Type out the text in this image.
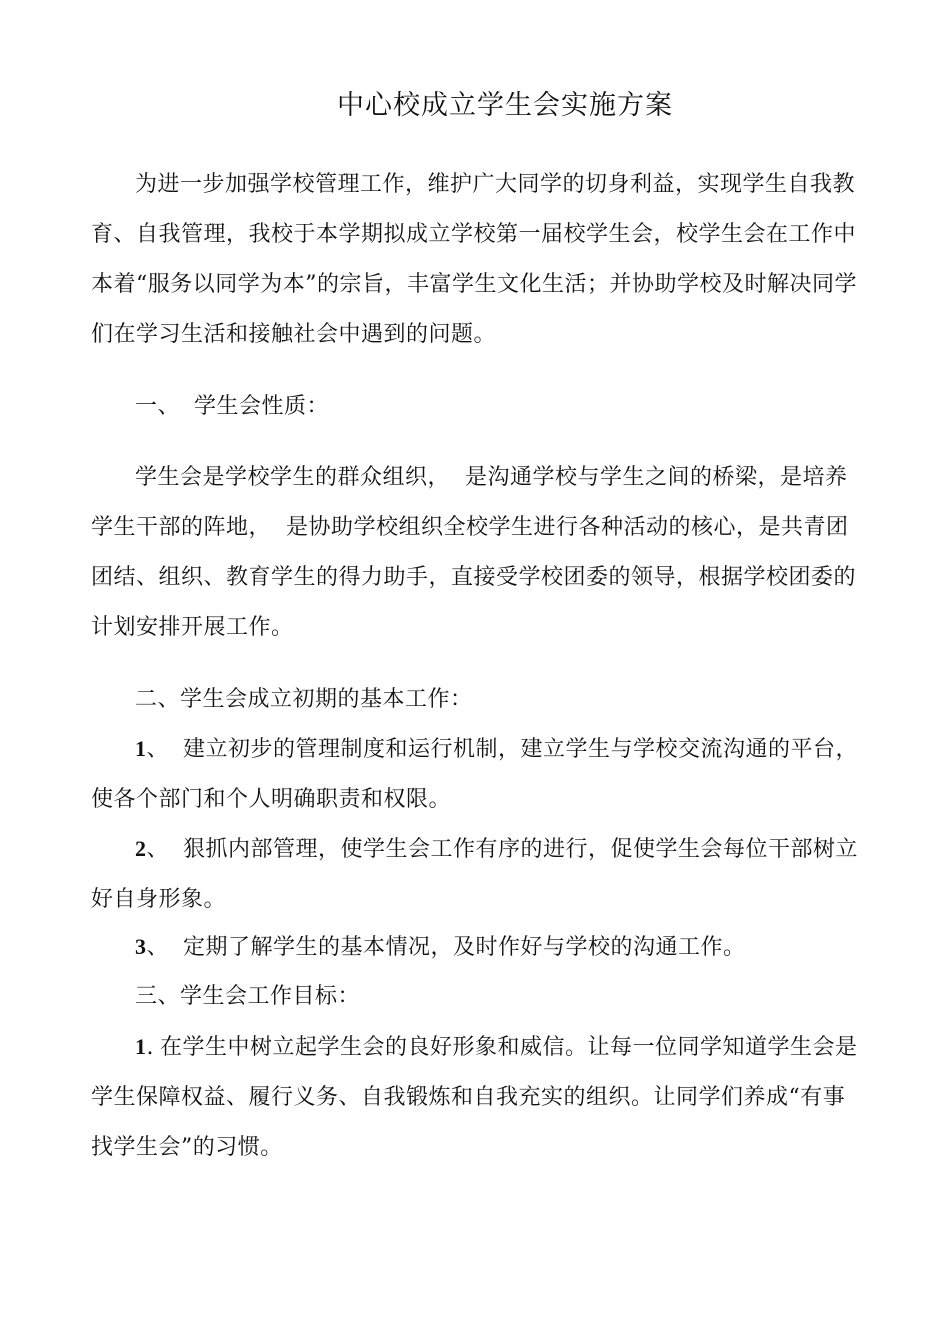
中心校成立学生会实施方案

为进一步加强学校管理工作，维护广大同学的切身利益，实现学生自我教育、自我管理，我校于本学期拟成立学校第一届校学生会，校学生会在工作中本着“服务以同学为本”的宗旨，丰富学生文化生活；并协助学校及时解决同学们在学习生活和接触社会中遇到的问题。

一、 学生会性质：

学生会是学校学生的群众组织，  是沟通学校与学生之间的桥梁，是培养学生干部的阵地，  是协助学校组织全校学生进行各种活动的核心，是共青团团结、组织、教育学生的得力助手，直接受学校团委的领导，根据学校团委的计划安排开展工作。

二、学生会成立初期的基本工作：

1、 建立初步的管理制度和运行机制，建立学生与学校交流沟通的平台，使各个部门和个人明确职责和权限。

2、 狠抓内部管理，使学生会工作有序的进行，促使学生会每位干部树立好自身形象。

3、 定期了解学生的基本情况，及时作好与学校的沟通工作。

三、学生会工作目标：

1. 在学生中树立起学生会的良好形象和威信。让每一位同学知道学生会是学生保障权益、履行义务、自我锻炼和自我充实的组织。让同学们养成“有事找学生会”的习惯。
